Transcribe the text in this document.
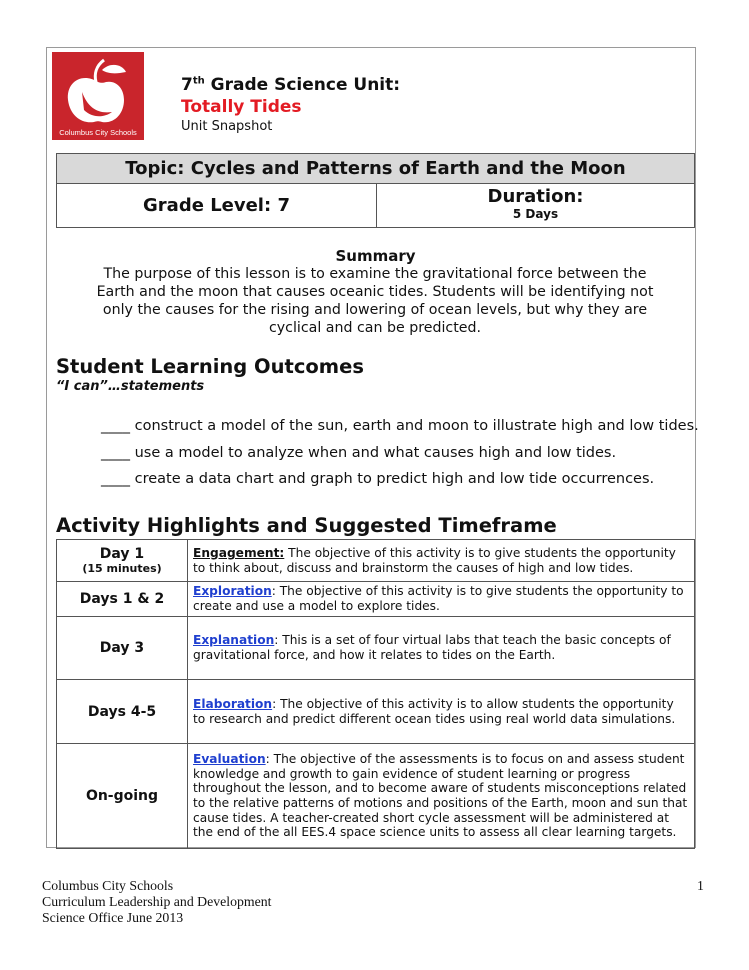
Columbus City Schools
7th Grade Science Unit:
Totally Tides
Unit Snapshot
Topic: Cycles and Patterns of Earth and the Moon
Grade Level: 7	Duration:
5 Days
Summary
The purpose of this lesson is to examine the gravitational force between the Earth and the moon that causes oceanic tides. Students will be identifying not only the causes for the rising and lowering of ocean levels, but why they are cyclical and can be predicted.
Student Learning Outcomes
“I can”…statements
____ construct a model of the sun, earth and moon to illustrate high and low tides.
____ use a model to analyze when and what causes high and low tides.
____ create a data chart and graph to predict high and low tide occurrences.
Activity Highlights and Suggested Timeframe
Day 1
(15 minutes)	Engagement: The objective of this activity is to give students the opportunity to think about, discuss and brainstorm the causes of high and low tides.
Days 1 & 2	Exploration: The objective of this activity is to give students the opportunity to create and use a model to explore tides.
Day 3	Explanation: This is a set of four virtual labs that teach the basic concepts of gravitational force, and how it relates to tides on the Earth.
Days 4-5	Elaboration: The objective of this activity is to allow students the opportunity to research and predict different ocean tides using real world data simulations.
On-going	Evaluation: The objective of the assessments is to focus on and assess student knowledge and growth to gain evidence of student learning or progress throughout the lesson, and to become aware of students misconceptions related to the relative patterns of motions and positions of the Earth, moon and sun that cause tides. A teacher-created short cycle assessment will be administered at the end of the all EES.4 space science units to assess all clear learning targets.
Columbus City Schools
Curriculum Leadership and Development
Science Office June 2013
1
